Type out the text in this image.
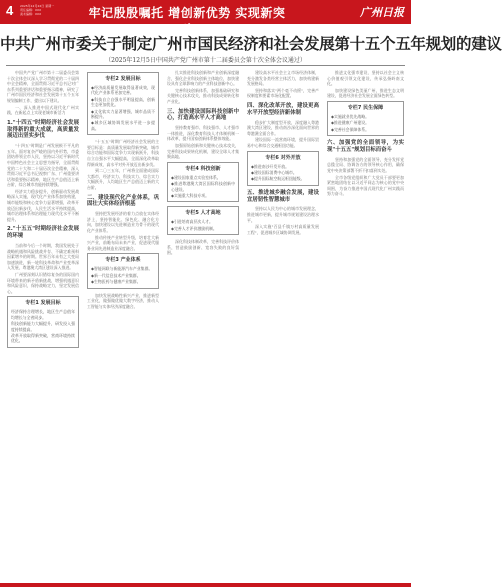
4 2025年12月22日 星期一
责任编辑：XXX
美术编辑：XXX	牢记殷殷嘱托 增创新优势 实现新突破
广州日报
中共广州市委关于制定广州市国民经济和社会发展第十五个五年规划的建议
（2025年12月5日中国共产党广州市第十二届委员会第十次全体会议通过）

中国共产党广州市第十二届委员会第十次全体会议深入学习贯彻党的二十届四中全会精神，全面贯彻习近平总书记对广东系列重要讲话和重要指示精神，研究了广州市国民经济和社会发展第十五个五年规划编制工作，提出以下建议。

一、深入推进中国式现代化广州实践，在新起点上实现老城市新活力

1."十四五"时期经济社会发展取得新的重大成就，高质量发展迈出坚实步伐

"十四五"时期是广州发展极不平凡的五年。面对复杂严峻的国内外形势，市委团结带领全市人民，坚持以习近平新时代中国特色社会主义思想为指导，全面贯彻党的二十大和二十届历次全会精神，深入贯彻习近平总书记视察广东、广州重要讲话和重要指示精神，地区生产总值迈上新台阶，综合城市功能持续增强。

经济实力稳步提升，创新驱动发展战略深入实施，现代化产业体系加快构建，城市能级和核心竞争力显著增强，改革开放迈出新步伐，人民生活水平持续提高，城市治理体系和治理能力现代化水平不断提升。

2."十五五"时期经济社会发展的环境

当前和今后一个时期，我国发展处于战略机遇和风险挑战并存、不确定难预料因素增多的时期。世界百年未有之大变局加速演进，新一轮科技革命和产业变革深入发展，粤港澳大湾区建设深入推进。

广州要深刻认识错综复杂的国际国内环境带来的新矛盾新挑战，增强机遇意识和风险意识，保持战略定力，坚定发展信心。

专栏1 发展目标
经济保持合理增长，地区生产总值年均增长与全省同步。
科技创新能力大幅提升，研发投入强度持续提高。
改革开放取得新突破，营商环境持续优化。
专栏2 发展目标
◆经济高质量发展取得显著成效，现代化产业体系更加完善。
◆科技自立自强水平明显提高，创新生态更加优化。
◆文化软实力显著增强，城市品质不断提升。
◆城乡区域协调发展水平进一步提高。

"十五五"时期广州经济社会发展的主要目标是：高质量发展取得新突破，城市综合功能和国际竞争力实现新跃升，科技自立自强水平大幅提高，全面深化改革取得新成效，高水平对外开放迈出新步伐。

到二〇三五年，广州将全面建成国际大都市，经济实力、科技实力、综合实力大幅跃升，人均地区生产总值迈上新的大台阶。

二、建设现代化产业体系，巩固壮大实体经济根基

坚持把发展经济的着力点放在实体经济上，坚持智能化、绿色化、融合化方向，加快建设以先进制造业为骨干的现代化产业体系。

推动传统产业转型升级，培育壮大新兴产业，前瞻布局未来产业，促进现代服务业同先进制造业深度融合。

专栏3 产业体系
◆智能网联与新能源汽车产业集群。
◆新一代信息技术产业集群。
◆生物医药与健康产业集群。

加快发展战略性新兴产业，推进新型工业化，做强做优做大数字经济，推动人工智能与实体经济深度融合。

扎实推进科技创新和产业创新深度融合，强化企业科技创新主体地位，加快建设具有全球影响力的产业科技创新中心。

完善科技创新体系，加强基础研究和关键核心技术攻关，推动科技成果转化和产业化。

三、加快建设国际科技创新中心，打造高水平人才高地

坚持教育强市、科技强市、人才强市一体推进，深化教育科技人才体制机制一体改革，提升国家创新体系整体效能。

加强原始创新和关键核心技术攻关，完善科技成果转化机制，建设全球人才集聚高地。

专栏4 科技创新
◆建设国家重点实验室体系。
◆推进粤港澳大湾区国际科技创新中心建设。
◆实施重大科技专项。
专栏5 人才高地
◆引进培育高层次人才。
◆完善人才评价激励机制。

深化科技体制改革，完善科技评价体系，营造鼓励创新、宽容失败的良好氛围。

建设高水平社会主义市场经济体制，充分激发各类经营主体活力，加快构建新发展格局。

坚持和落实"两个毫不动摇"，完善产权制度和要素市场化配置。

四、深化改革开放，建设更高水平开放型经济新体制

稳步扩大制度型开放，深度融入粤港澳大湾区建设，推动南沙深化面向世界的粤港澳全面合作。

建设国际一流营商环境，提升国际贸易中心和综合交通枢纽功能。

专栏6 对外开放
◆推进南沙开发开放。
◆建设国际消费中心城市。
◆提升国际航空航运枢纽能级。
五、推进城乡融合发展，建设宜居韧性智慧城市

坚持以人民为中心的城市发展理念，推进城市更新，提升城市规划建设治理水平。

深入实施"百县千镇万村高质量发展工程"，促进城乡区域协调发展。

推进文化强市建设，坚持以社会主义核心价值观引领文化建设，传承弘扬岭南文化。

加快建设绿色美丽广州，推进生态文明建设，促进经济社会发展全面绿色转型。

专栏7 民生保障
◆实施就业优先战略。
◆推进健康广州建设。
◆完善社会保障体系。
六、加强党的全面领导，为实现"十五五"规划目标而奋斗

坚持和加强党的全面领导，充分发挥党总揽全局、协调各方的领导核心作用，确保党中央决策部署不折不扣落到实处。

全市各级党组织和广大党员干部要更加紧密地团结在以习近平同志为核心的党中央周围，为奋力推进中国式现代化广州实践而努力奋斗。
